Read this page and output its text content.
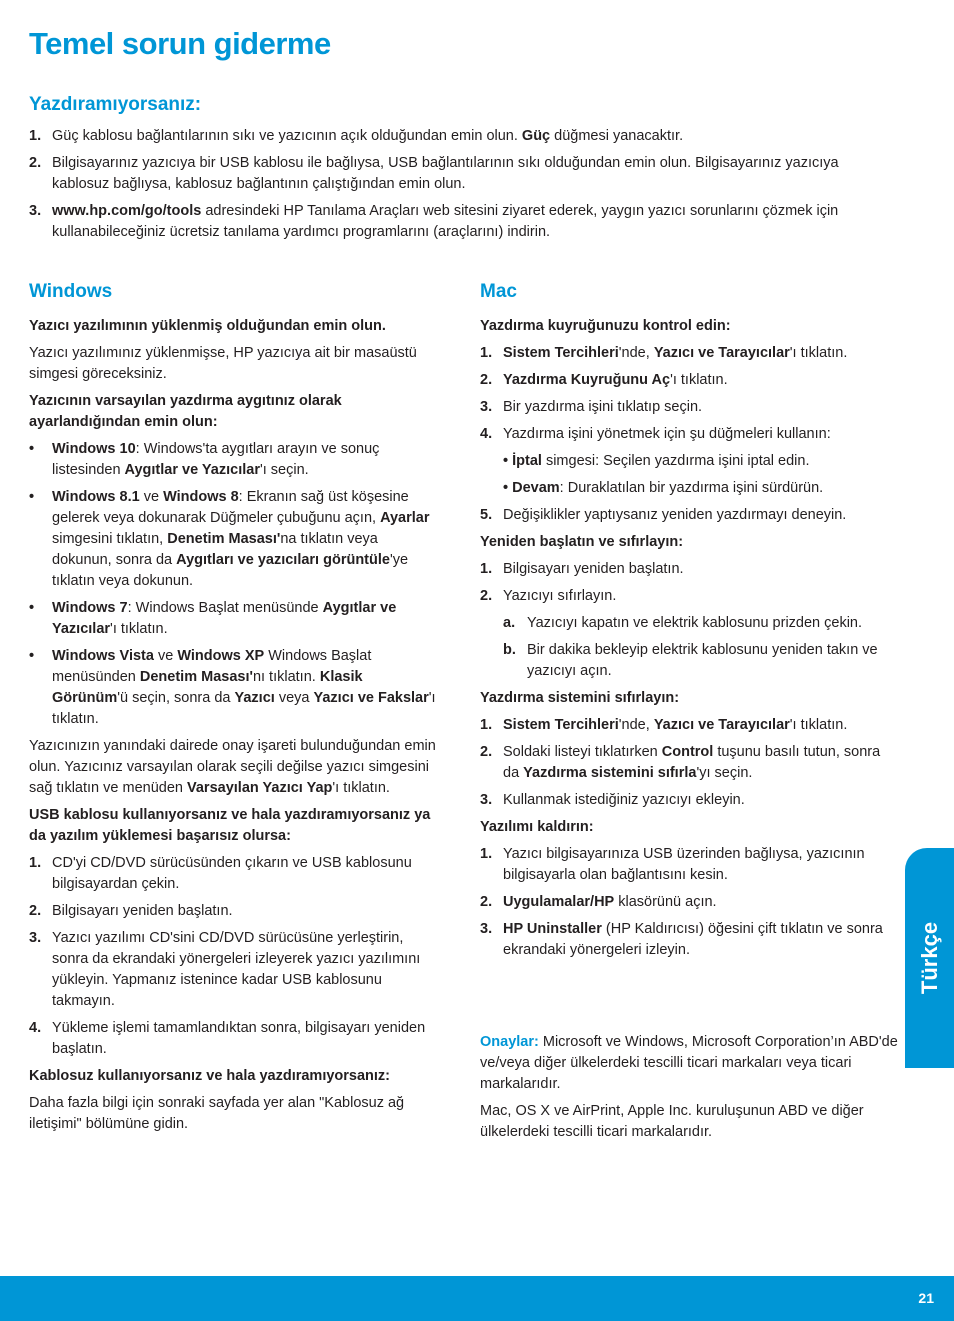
Temel sorun giderme
Yazdıramıyorsanız:
1. Güç kablosu bağlantılarının sıkı ve yazıcının açık olduğundan emin olun. Güç düğmesi yanacaktır.
2. Bilgisayarınız yazıcıya bir USB kablosu ile bağlıysa, USB bağlantılarının sıkı olduğundan emin olun. Bilgisayarınız yazıcıya kablosuz bağlıysa, kablosuz bağlantının çalıştığından emin olun.
3. www.hp.com/go/tools adresindeki HP Tanılama Araçları web sitesini ziyaret ederek, yaygın yazıcı sorunlarını çözmek için kullanabileceğiniz ücretsiz tanılama yardımcı programlarını (araçlarını) indirin.
Windows

Yazıcı yazılımının yüklenmiş olduğundan emin olun.

Yazıcı yazılımınız yüklenmişse, HP yazıcıya ait bir masaüstü simgesi göreceksiniz.

Yazıcının varsayılan yazdırma aygıtınız olarak ayarlandığından emin olun:

• Windows 10: Windows'ta aygıtları arayın ve sonuç listesinden Aygıtlar ve Yazıcılar'ı seçin.
• Windows 8.1 ve Windows 8: Ekranın sağ üst köşesine gelerek veya dokunarak Düğmeler çubuğunu açın, Ayarlar simgesini tıklatın, Denetim Masası'na tıklatın veya dokunun, sonra da Aygıtları ve yazıcıları görüntüle'ye tıklatın veya dokunun.
• Windows 7: Windows Başlat menüsünde Aygıtlar ve Yazıcılar'ı tıklatın.
• Windows Vista ve Windows XP Windows Başlat menüsünden Denetim Masası'nı tıklatın. Klasik Görünüm'ü seçin, sonra da Yazıcı veya Yazıcı ve Fakslar'ı tıklatın.

Yazıcınızın yanındaki dairede onay işareti bulunduğundan emin olun. Yazıcınız varsayılan olarak seçili değilse yazıcı simgesini sağ tıklatın ve menüden Varsayılan Yazıcı Yap'ı tıklatın.

USB kablosu kullanıyorsanız ve hala yazdıramıyorsanız ya da yazılım yüklemesi başarısız olursa:

1. CD'yi CD/DVD sürücüsünden çıkarın ve USB kablosunu bilgisayardan çekin.
2. Bilgisayarı yeniden başlatın.
3. Yazıcı yazılımı CD'sini CD/DVD sürücüsüne yerleştirin, sonra da ekrandaki yönergeleri izleyerek yazıcı yazılımını yükleyin. Yapmanız istenince kadar USB kablosunu takmayın.
4. Yükleme işlemi tamamlandıktan sonra, bilgisayarı yeniden başlatın.

Kablosuz kullanıyorsanız ve hala yazdıramıyorsanız:

Daha fazla bilgi için sonraki sayfada yer alan "Kablosuz ağ iletişimi" bölümüne gidin.

Mac

Yazdırma kuyruğunuzu kontrol edin:

1. Sistem Tercihleri'nde, Yazıcı ve Tarayıcılar'ı tıklatın.
2. Yazdırma Kuyruğunu Aç'ı tıklatın.
3. Bir yazdırma işini tıklatıp seçin.
4. Yazdırma işini yönetmek için şu düğmeleri kullanın:
• İptal simgesi: Seçilen yazdırma işini iptal edin.
• Devam: Duraklatılan bir yazdırma işini sürdürün.
5. Değişiklikler yaptıysanız yeniden yazdırmayı deneyin.

Yeniden başlatın ve sıfırlayın:

1. Bilgisayarı yeniden başlatın.
2. Yazıcıyı sıfırlayın.
a. Yazıcıyı kapatın ve elektrik kablosunu prizden çekin.
b. Bir dakika bekleyip elektrik kablosunu yeniden takın ve yazıcıyı açın.

Yazdırma sistemini sıfırlayın:

1. Sistem Tercihleri'nde, Yazıcı ve Tarayıcılar'ı tıklatın.
2. Soldaki listeyi tıklatırken Control tuşunu basılı tutun, sonra da Yazdırma sistemini sıfırla'yı seçin.
3. Kullanmak istediğiniz yazıcıyı ekleyin.

Yazılımı kaldırın:

1. Yazıcı bilgisayarınıza USB üzerinden bağlıysa, yazıcının bilgisayarla olan bağlantısını kesin.
2. Uygulamalar/HP klasörünü açın.
3. HP Uninstaller (HP Kaldırıcısı) öğesini çift tıklatın ve sonra ekrandaki yönergeleri izleyin.

Onaylar: Microsoft ve Windows, Microsoft Corporation’ın ABD'de ve/veya diğer ülkelerdeki tescilli ticari markaları veya ticari markalarıdır.

Mac, OS X ve AirPrint, Apple Inc. kuruluşunun ABD ve diğer ülkelerdeki tescilli ticari markalarıdır.

Türkçe
21
